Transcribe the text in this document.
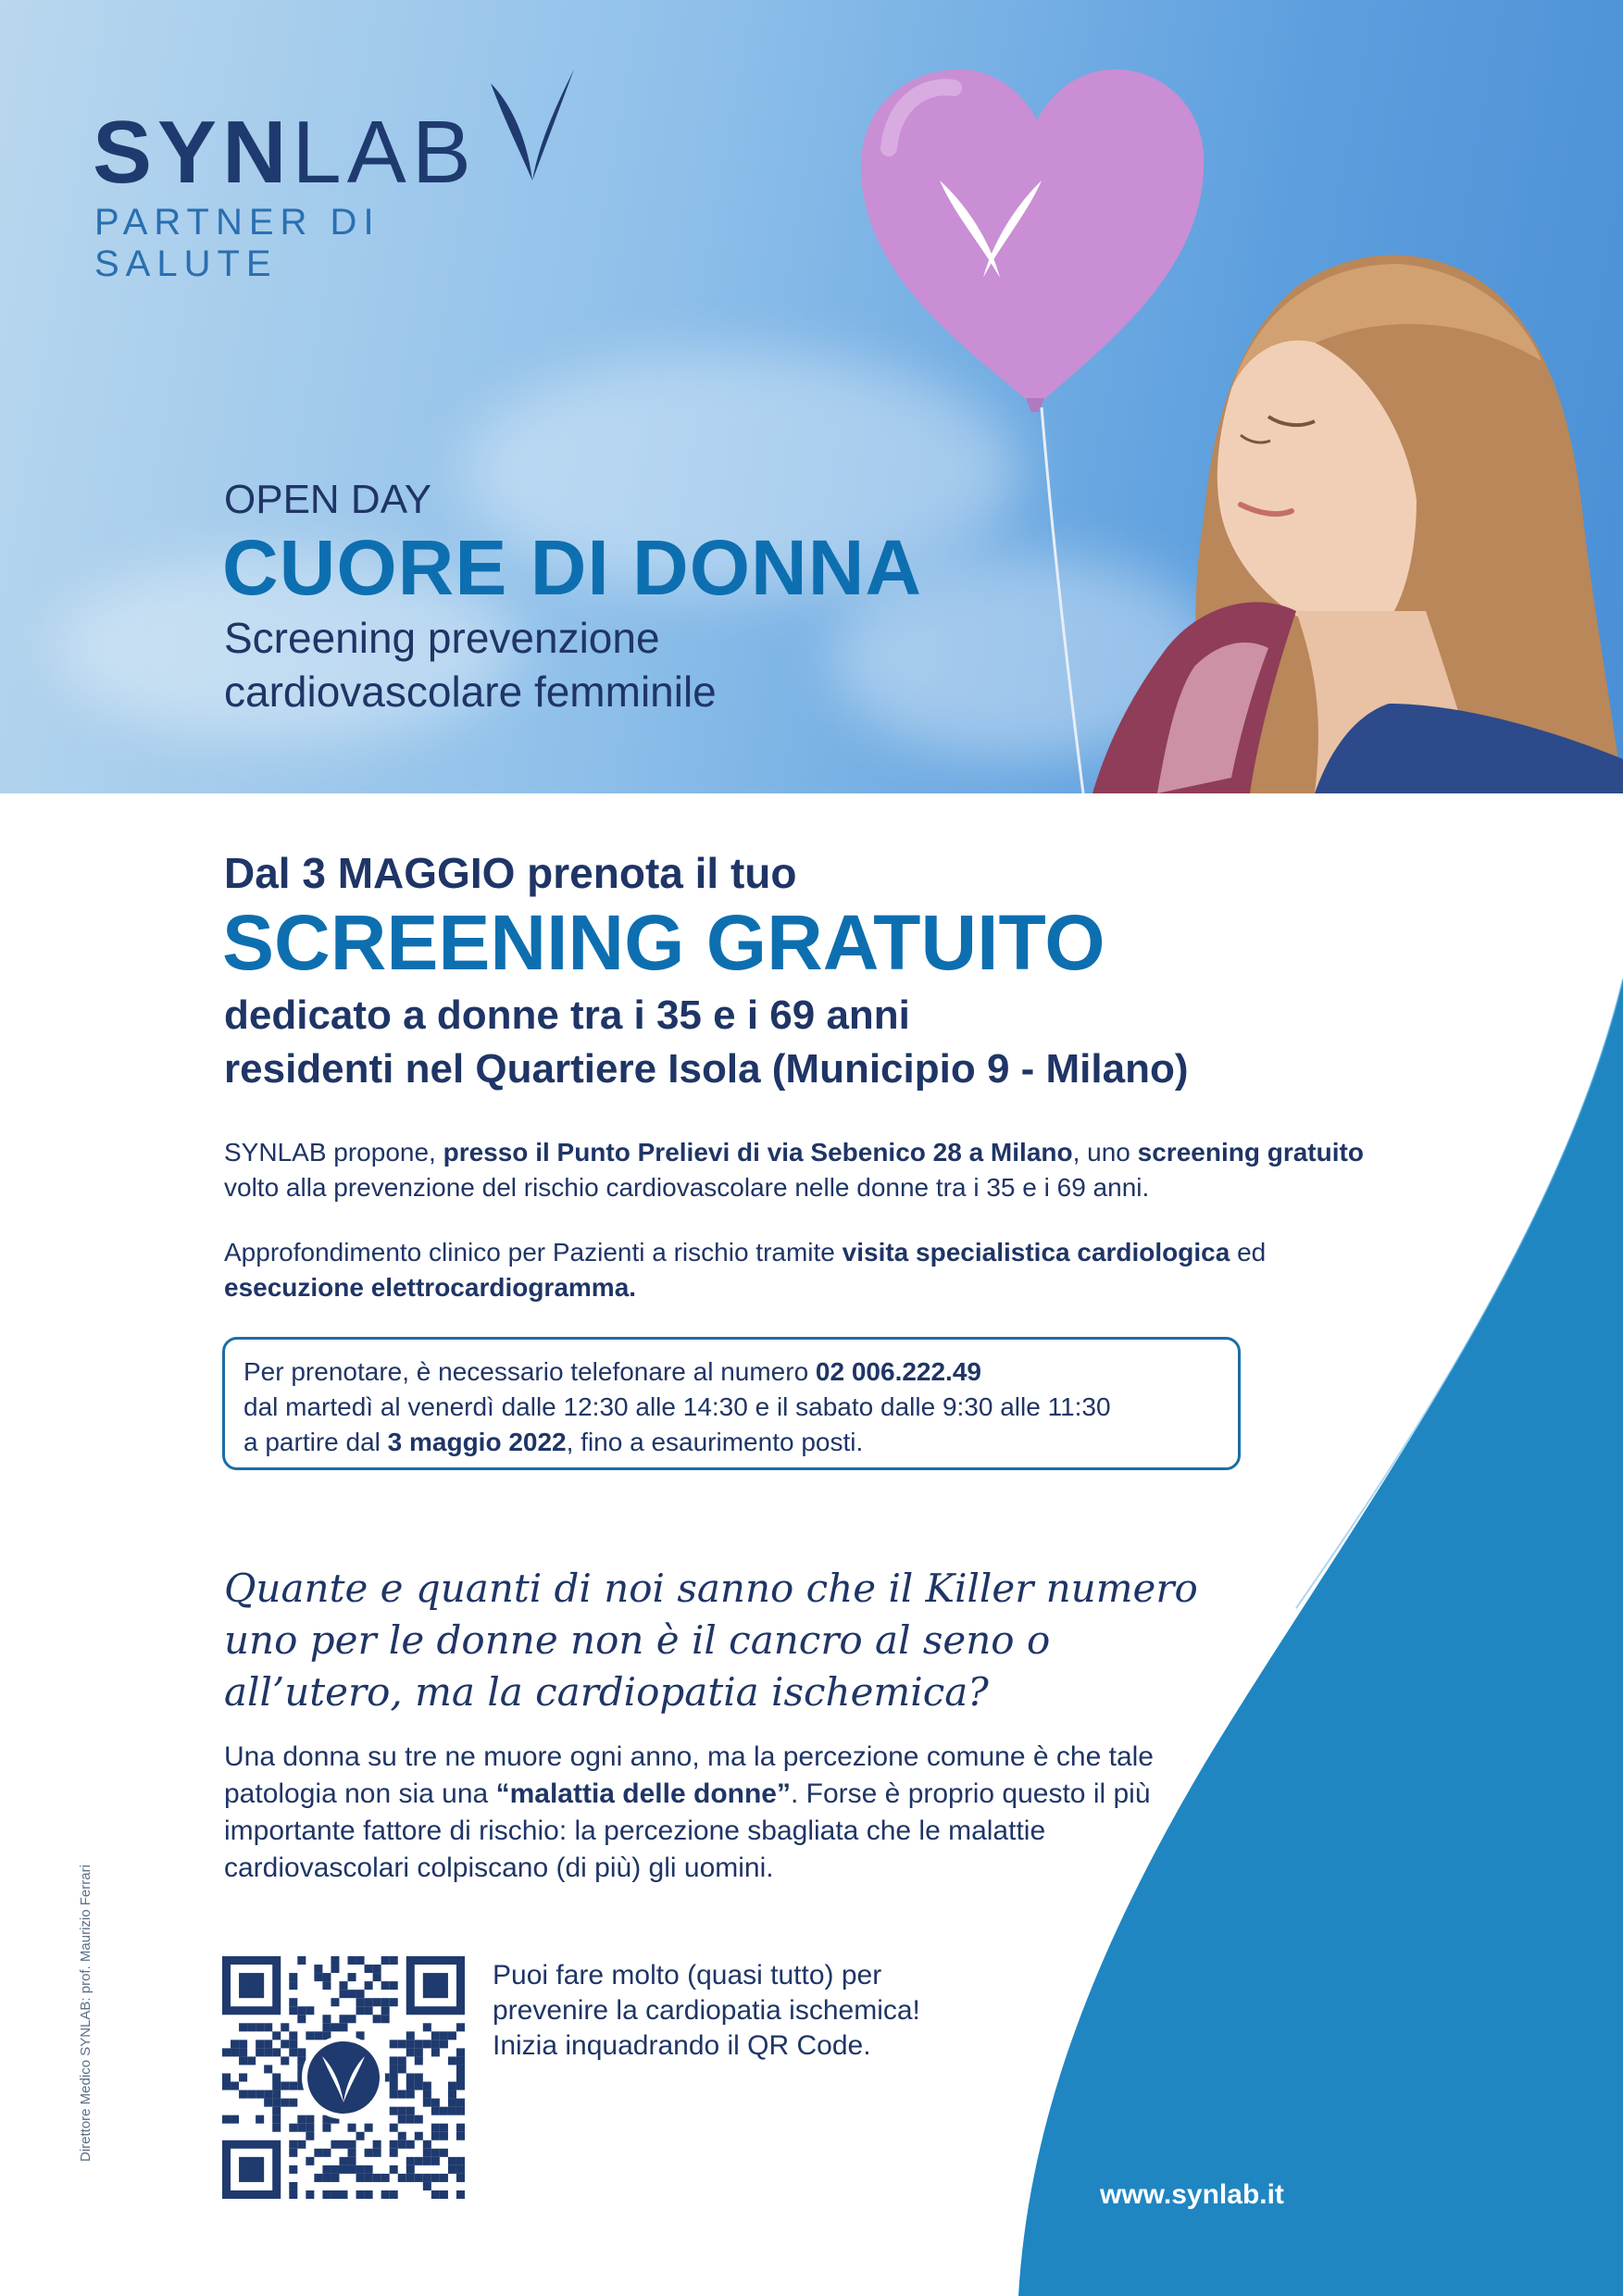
SYNLAB
PARTNER DI SALUTE
OPEN DAY
CUORE DI DONNA
Screening prevenzione
cardiovascolare femminile
Dal 3 MAGGIO prenota il tuo
SCREENING GRATUITO
dedicato a donne tra i 35 e i 69 anni
residenti nel Quartiere Isola (Municipio 9 - Milano)
SYNLAB propone, presso il Punto Prelievi di via Sebenico 28 a Milano, uno screening gratuito volto alla prevenzione del rischio cardiovascolare nelle donne tra i 35 e i 69 anni.
Approfondimento clinico per Pazienti a rischio tramite visita specialistica cardiologica ed esecuzione elettrocardiogramma.
Per prenotare, è necessario telefonare al numero 02 006.222.49
dal martedì al venerdì dalle 12:30 alle 14:30 e il sabato dalle 9:30 alle 11:30
a partire dal 3 maggio 2022, fino a esaurimento posti.
Quante e quanti di noi sanno che il Killer numero uno per le donne non è il cancro al seno o all’utero, ma la cardiopatia ischemica?
Una donna su tre ne muore ogni anno, ma la percezione comune è che tale patologia non sia una “malattia delle donne”. Forse è proprio questo il più importante fattore di rischio: la percezione sbagliata che le malattie cardiovascolari colpiscano (di più) gli uomini.
Puoi fare molto (quasi tutto) per
prevenire la cardiopatia ischemica!
Inizia inquadrando il QR Code.
www.synlab.it
Direttore Medico SYNLAB: prof. Maurizio Ferrari
